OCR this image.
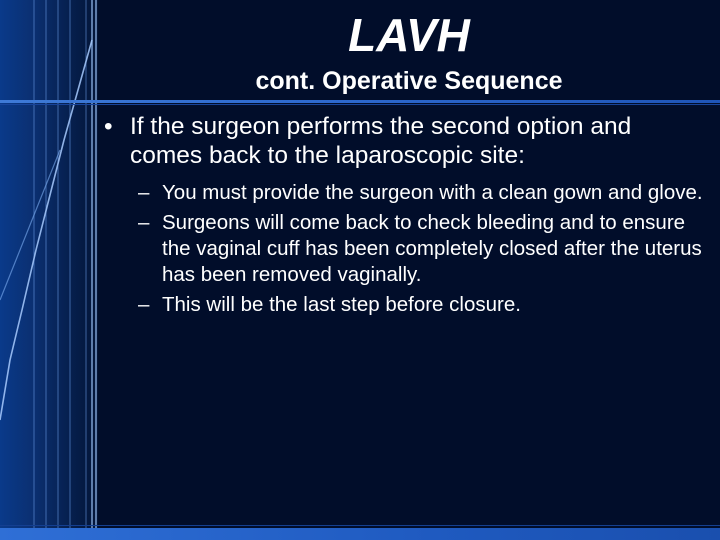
LAVH
cont. Operative Sequence

• If the surgeon performs the second option and comes back to the laparoscopic site:

– You must provide the surgeon with a clean gown and glove.
– Surgeons will come back to check bleeding and to ensure the vaginal cuff has been completely closed after the uterus has been removed vaginally.
– This will be the last step before closure.
